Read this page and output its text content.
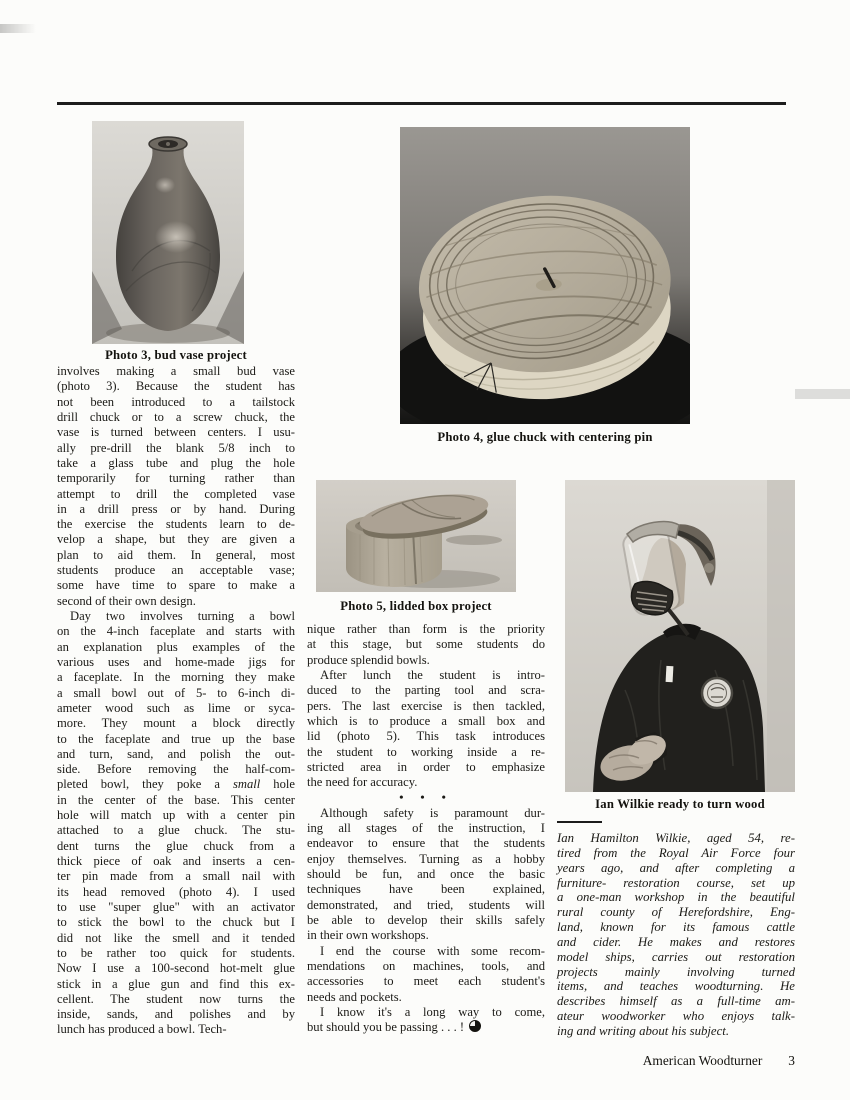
Photo 3, bud vase project
Photo 4, glue chuck with centering pin
Photo 5, lidded box project
Ian Wilkie ready to turn wood
involves making a small bud vase
(photo 3). Because the student has
not been introduced to a tailstock
drill chuck or to a screw chuck, the
vase is turned between centers. I usu-
ally pre-drill the blank 5/8 inch to
take a glass tube and plug the hole
temporarily for turning rather than
attempt to drill the completed vase
in a drill press or by hand. During
the exercise the students learn to de-
velop a shape, but they are given a
plan to aid them. In general, most
students produce an acceptable vase;
some have time to spare to make a
second of their own design.
Day two involves turning a bowl
on the 4-inch faceplate and starts with
an explanation plus examples of the
various uses and home-made jigs for
a faceplate. In the morning they make
a small bowl out of 5- to 6-inch di-
ameter wood such as lime or syca-
more. They mount a block directly
to the faceplate and true up the base
and turn, sand, and polish the out-
side. Before removing the half-com-
pleted bowl, they poke a small hole
in the center of the base. This center
hole will match up with a center pin
attached to a glue chuck. The stu-
dent turns the glue chuck from a
thick piece of oak and inserts a cen-
ter pin made from a small nail with
its head removed (photo 4). I used
to use "super glue" with an activator
to stick the bowl to the chuck but I
did not like the smell and it tended
to be rather too quick for students.
Now I use a 100-second hot-melt glue
stick in a glue gun and find this ex-
cellent. The student now turns the
inside, sands, and polishes and by
lunch has produced a bowl. Tech-
nique rather than form is the priority
at this stage, but some students do
produce splendid bowls.
After lunch the student is intro-
duced to the parting tool and scra-
pers. The last exercise is then tackled,
which is to produce a small box and
lid (photo 5). This task introduces
the student to working inside a re-
stricted area in order to emphasize
the need for accuracy.
• • •
Although safety is paramount dur-
ing all stages of the instruction, I
endeavor to ensure that the students
enjoy themselves. Turning as a hobby
should be fun, and once the basic
techniques have been explained,
demonstrated, and tried, students will
be able to develop their skills safely
in their own workshops.
I end the course with some recom-
mendations on machines, tools, and
accessories to meet each student's
needs and pockets.
I know it's a long way to come,
but should you be passing . . . !
Ian Hamilton Wilkie, aged 54, re-
tired from the Royal Air Force four
years ago, and after completing a
furniture- restoration course, set up
a one-man workshop in the beautiful
rural county of Herefordshire, Eng-
land, known for its famous cattle
and cider. He makes and restores
model ships, carries out restoration
projects mainly involving turned
items, and teaches woodturning. He
describes himself as a full-time am-
ateur woodworker who enjoys talk-
ing and writing about his subject.
American Woodturner 3
